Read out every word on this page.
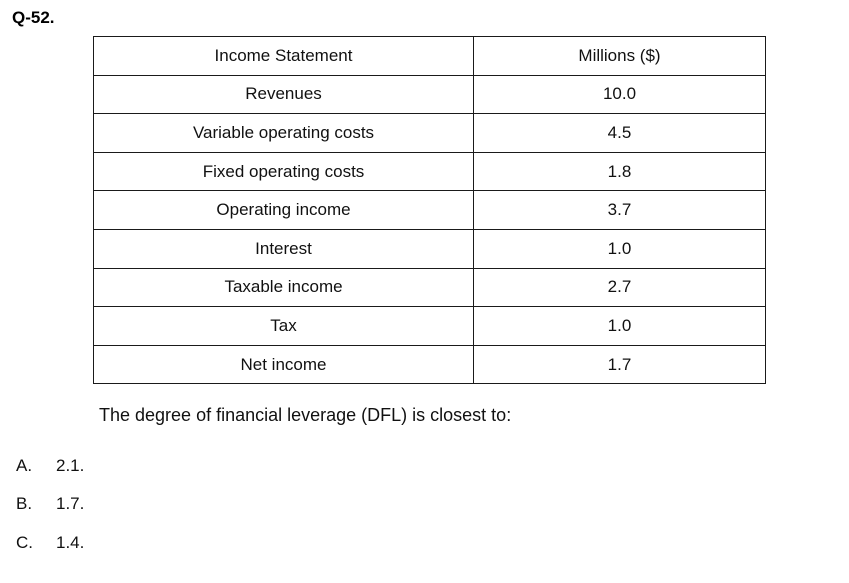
Q-52.
Income Statement	Millions ($)
Revenues	10.0
Variable operating costs	4.5
Fixed operating costs	1.8
Operating income	3.7
Interest	1.0
Taxable income	2.7
Tax	1.0
Net income	1.7
The degree of financial leverage (DFL) is closest to:
A. 2.1.
B. 1.7.
C. 1.4.
